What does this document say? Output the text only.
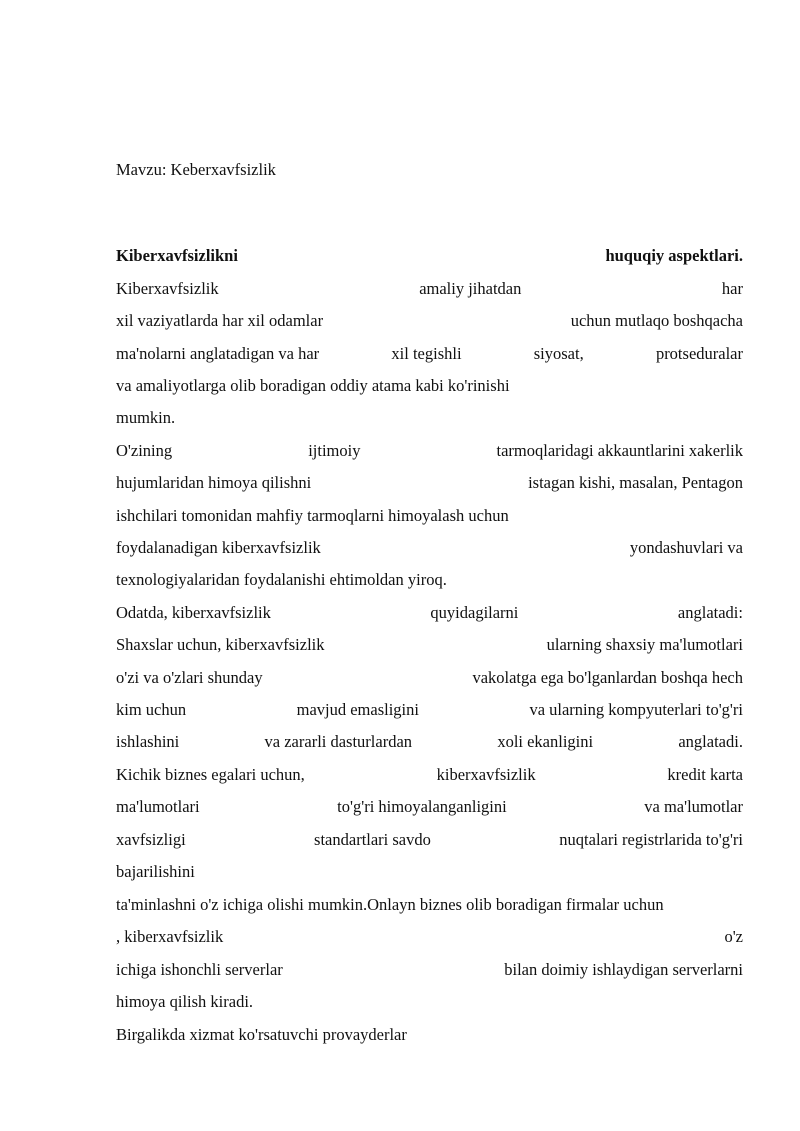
Mavzu: Keberxavfsizlik
Kiberxavfsizlikni	huquqiy aspektlari.
Kiberxavfsizlik	amaliy jihatdan	har
xil vaziyatlarda har xil odamlar	uchun mutlaqo boshqacha
ma'nolarni anglatadigan va har	xil tegishli	siyosat,	protseduralar
va amaliyotlarga olib boradigan oddiy atama kabi ko'rinishi
mumkin.
O'zining	ijtimoiy	tarmoqlaridagi akkauntlarini xakerlik
hujumlaridan himoya qilishni	istagan kishi, masalan, Pentagon
ishchilari tomonidan mahfiy tarmoqlarni himoyalash uchun
foydalanadigan kiberxavfsizlik	yondashuvlari va
texnologiyalaridan foydalanishi ehtimoldan yiroq.
Odatda, kiberxavfsizlik	quyidagilarni	anglatadi:
Shaxslar uchun, kiberxavfsizlik	ularning shaxsiy ma'lumotlari
o'zi va o'zlari shunday	vakolatga ega bo'lganlardan boshqa hech
kim uchun	mavjud emasligini	va ularning kompyuterlari to'g'ri
ishlashini	va zararli dasturlardan	xoli ekanligini	anglatadi.
Kichik biznes egalari uchun,	kiberxavfsizlik	kredit karta
ma'lumotlari	to'g'ri himoyalanganligini	va ma'lumotlar
xavfsizligi	standartlari savdo	nuqtalari registrlarida to'g'ri
bajarilishini
ta'minlashni o'z ichiga olishi mumkin.Onlayn biznes olib boradigan firmalar uchun
, kiberxavfsizlik	o'z
ichiga ishonchli serverlar	bilan doimiy ishlaydigan serverlarni
himoya qilish kiradi.
Birgalikda xizmat ko'rsatuvchi provayderlar
